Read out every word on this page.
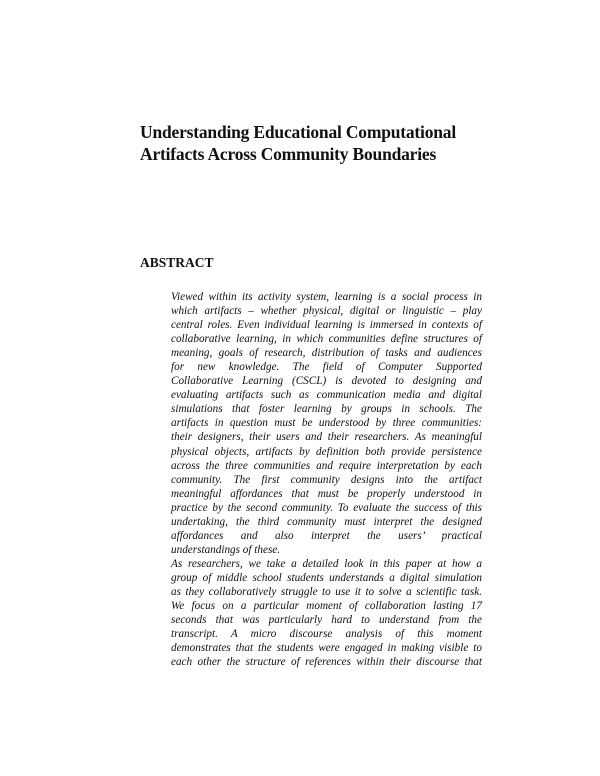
Understanding Educational Computational
Artifacts Across Community Boundaries
ABSTRACT
Viewed within its activity system, learning is a social process in
which artifacts – whether physical, digital or linguistic – play
central roles. Even individual learning is immersed in contexts of
collaborative learning, in which communities define structures of
meaning, goals of research, distribution of tasks and audiences
for new knowledge. The field of Computer Supported
Collaborative Learning (CSCL) is devoted to designing and
evaluating artifacts such as communication media and digital
simulations that foster learning by groups in schools. The
artifacts in question must be understood by three communities:
their designers, their users and their researchers. As meaningful
physical objects, artifacts by definition both provide persistence
across the three communities and require interpretation by each
community. The first community designs into the artifact
meaningful affordances that must be properly understood in
practice by the second community. To evaluate the success of this
undertaking, the third community must interpret the designed
affordances and also interpret the users’ practical
understandings of these.
As researchers, we take a detailed look in this paper at how a
group of middle school students understands a digital simulation
as they collaboratively struggle to use it to solve a scientific task.
We focus on a particular moment of collaboration lasting 17
seconds that was particularly hard to understand from the
transcript. A micro discourse analysis of this moment
demonstrates that the students were engaged in making visible to
each other the structure of references within their discourse that
